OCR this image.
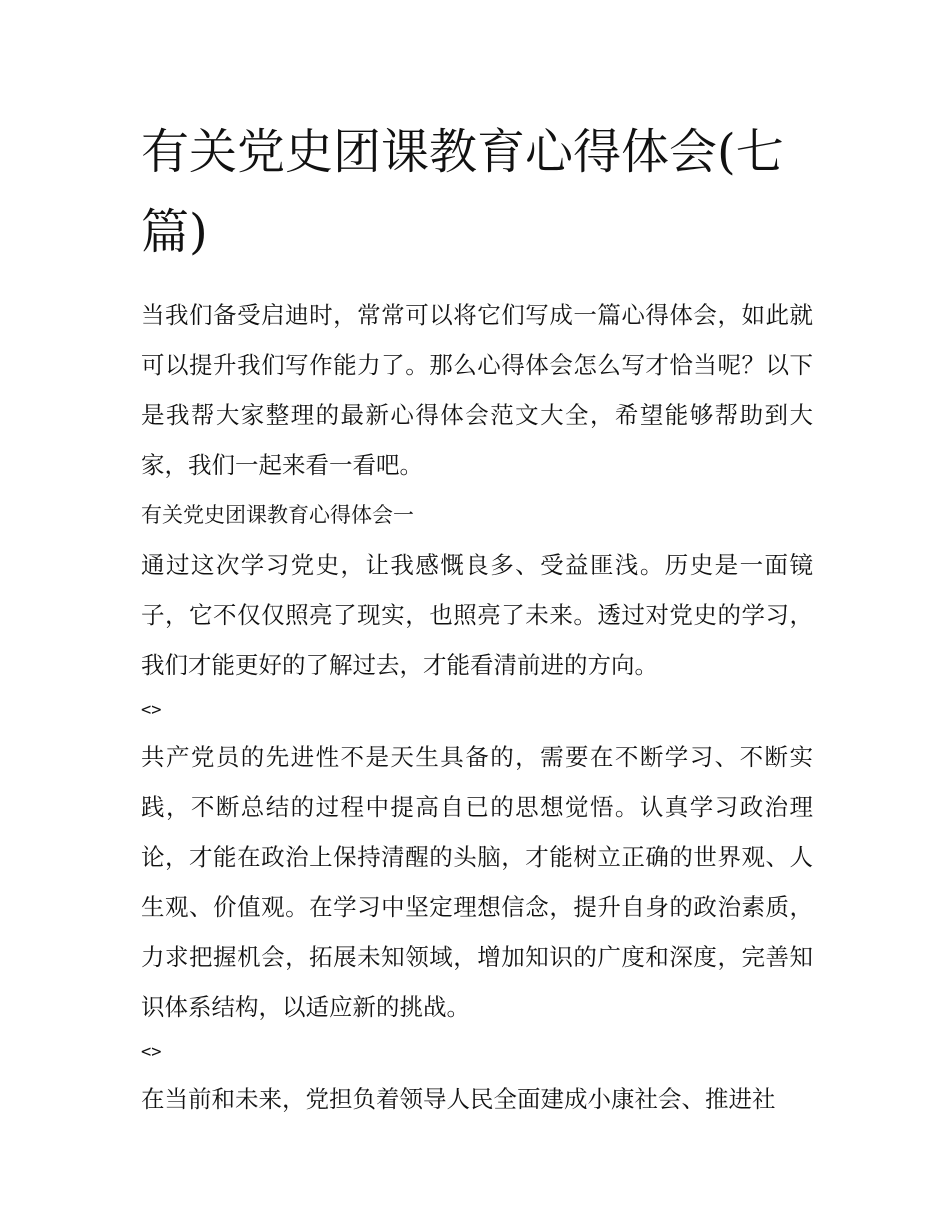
有关党史团课教育心得体会(七篇)

当我们备受启迪时，常常可以将它们写成一篇心得体会，如此就可以提升我们写作能力了。那么心得体会怎么写才恰当呢？以下是我帮大家整理的最新心得体会范文大全，希望能够帮助到大家，我们一起来看一看吧。

有关党史团课教育心得体会一

通过这次学习党史，让我感慨良多、受益匪浅。历史是一面镜子，它不仅仅照亮了现实，也照亮了未来。透过对党史的学习，我们才能更好的了解过去，才能看清前进的方向。

<>

共产党员的先进性不是天生具备的，需要在不断学习、不断实践，不断总结的过程中提高自已的思想觉悟。认真学习政治理论，才能在政治上保持清醒的头脑，才能树立正确的世界观、人生观、价值观。在学习中坚定理想信念，提升自身的政治素质，力求把握机会，拓展未知领域，增加知识的广度和深度，完善知识体系结构，以适应新的挑战。

<>

在当前和未来，党担负着领导人民全面建成小康社会、推进社
